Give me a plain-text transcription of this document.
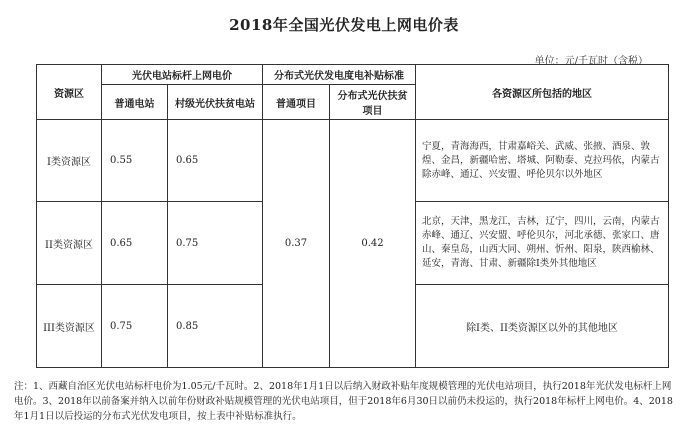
2018年全国光伏发电上网电价表
单位：元/千瓦时（含税）
资源区	光伏电站标杆上网电价		分布式光伏发电度电补贴标准		各资源区所包括的地区
	普通电站	村级光伏扶贫电站	普通项目	分布式光伏扶贫项目	
I类资源区	0.55	0.65	0.37	0.42	宁夏，青海海西，甘肃嘉峪关、武威、张掖、酒泉、敦煌、金昌，新疆哈密、塔城、阿勒泰、克拉玛依，内蒙古除赤峰、通辽、兴安盟、呼伦贝尔以外地区
II类资源区	0.65	0.75			北京，天津，黑龙江，吉林，辽宁，四川，云南，内蒙古赤峰、通辽、兴安盟、呼伦贝尔，河北承德、张家口、唐山、秦皇岛，山西大同、朔州、忻州、阳泉，陕西榆林、延安，青海、甘肃、新疆除I类外其他地区
III类资源区	0.75	0.85			除I类、II类资源区以外的其他地区
注：1、西藏自治区光伏电站标杆电价为1.05元/千瓦时。2、2018年1月1日以后纳入财政补贴年度规模管理的光伏电站项目，执行2018年光伏发电标杆上网电价。3、2018年以前备案并纳入以前年份财政补贴规模管理的光伏电站项目，但于2018年6月30日以前仍未投运的，执行2018年标杆上网电价。4、2018年1月1日以后投运的分布式光伏发电项目，按上表中补贴标准执行。
